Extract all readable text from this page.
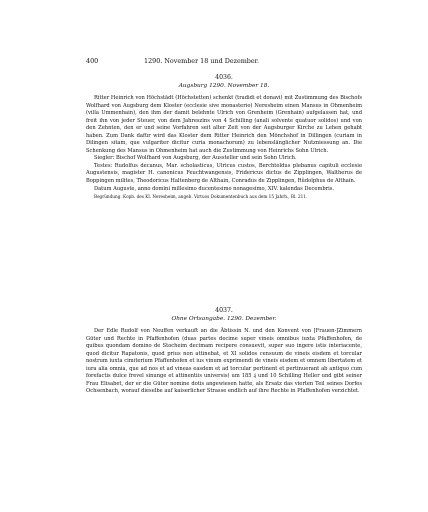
400	1290. November 18 und Dezember.
4036.
Augsburg 1290. November 18.

Ritter Heinrich von Höchstädt (Höchstetten) schenkt (tradidi et donavi) mit Zustimmung des Bischofs Wolfhard von Augsburg dem Kloster (ecclesie sive monasterio) Neresheim einen Mansus in Ohmenheim (villa Ummenhain), den ihm der damit belehnte Ulrich von Grenheim (Grenhain) aufgelassen hat, und freit ihn von jeder Steuer, von dem Jahreszins von 4 Schilling (anali solvente quatuor solidos) und von den Zehnten, den er und seine Vorfahren seit alter Zeit von der Augsburger Kirche zu Lehen gehabt haben. Zum Dank dafür wird das Kloster dem Ritter Heinrich den Mönchshof in Dillingen (curiam in Dilingen sitam, que vulgariter dicitur curia monachorum) zu lebenslänglicher Nutzniessung an. Die Schenkung des Mansus in Ohmenheim hat auch die Zustimmung von Heinrichs Sohn Ulrich.

Siegler: Bischof Wolfhard von Augsburg, der Aussteller und sein Sohn Ulrich.

Testes: Rudolfus decanus, Mar. scholasticus, Ulricus custos, Berchtoldus plebanus capituli ecclesie Augustensis, magister H. canonicus Feuchtwangensis, Fridericus dictus de Zipplingen, Waltherus de Boppingen milites, Theodoricus Haltenberg de Althain, Conradus de Zipplingen, Rûdolphus de Althain.

Datum Auguste, anno domini millesimo ducentesimo nonagesimo, XIV. kalendas Decembris.

Begründung. Kopb. des Kl. Neresheim, angeb. Virtuos Dokumentenbuch aus dem 15 Jahrh., Bl. 211.
4037.
Ohne Ortsangabe. 1290. Dezember.

Der Edle Rudolf von Neuffen verkauft an die Äbtissin N. und den Konvent von [Frauen-]Zimmern Güter und Rechte in Pfaffenhofen (duas partes decime super vineis omnibus iuxta Pfaffenhofen, de quibus quondam domino de Stocheim decimam recipere consuevit, super suo ingere istis interiacente, quod dicitur Rapatonis, quod prius non attinebat, et XI solidos censuum de vineis eisdem et torcular nostrum iuxta cimiterium Pfaffenhofen et ius vinum exprimendi de vineis eisdem et omnem libertatem et iura alia omnia, que ad nos et ad vineas easdem et ad torcular pertinent et pertinuerant ab antiquo cum forefactis dulce frevel sinunge et attinentiis universis) um 185 ₰ und 10 Schilling Heller und gibt seiner Frau Elisabet, der er die Güter nomine dotis angewiesen hatte, als Ersatz das vierten Teil seines Dorfes Ochsenbach, worauf dieselbe auf kaiserlicher Strasse endlich auf ihre Rechte in Pfaffenhofen verzichtet.
